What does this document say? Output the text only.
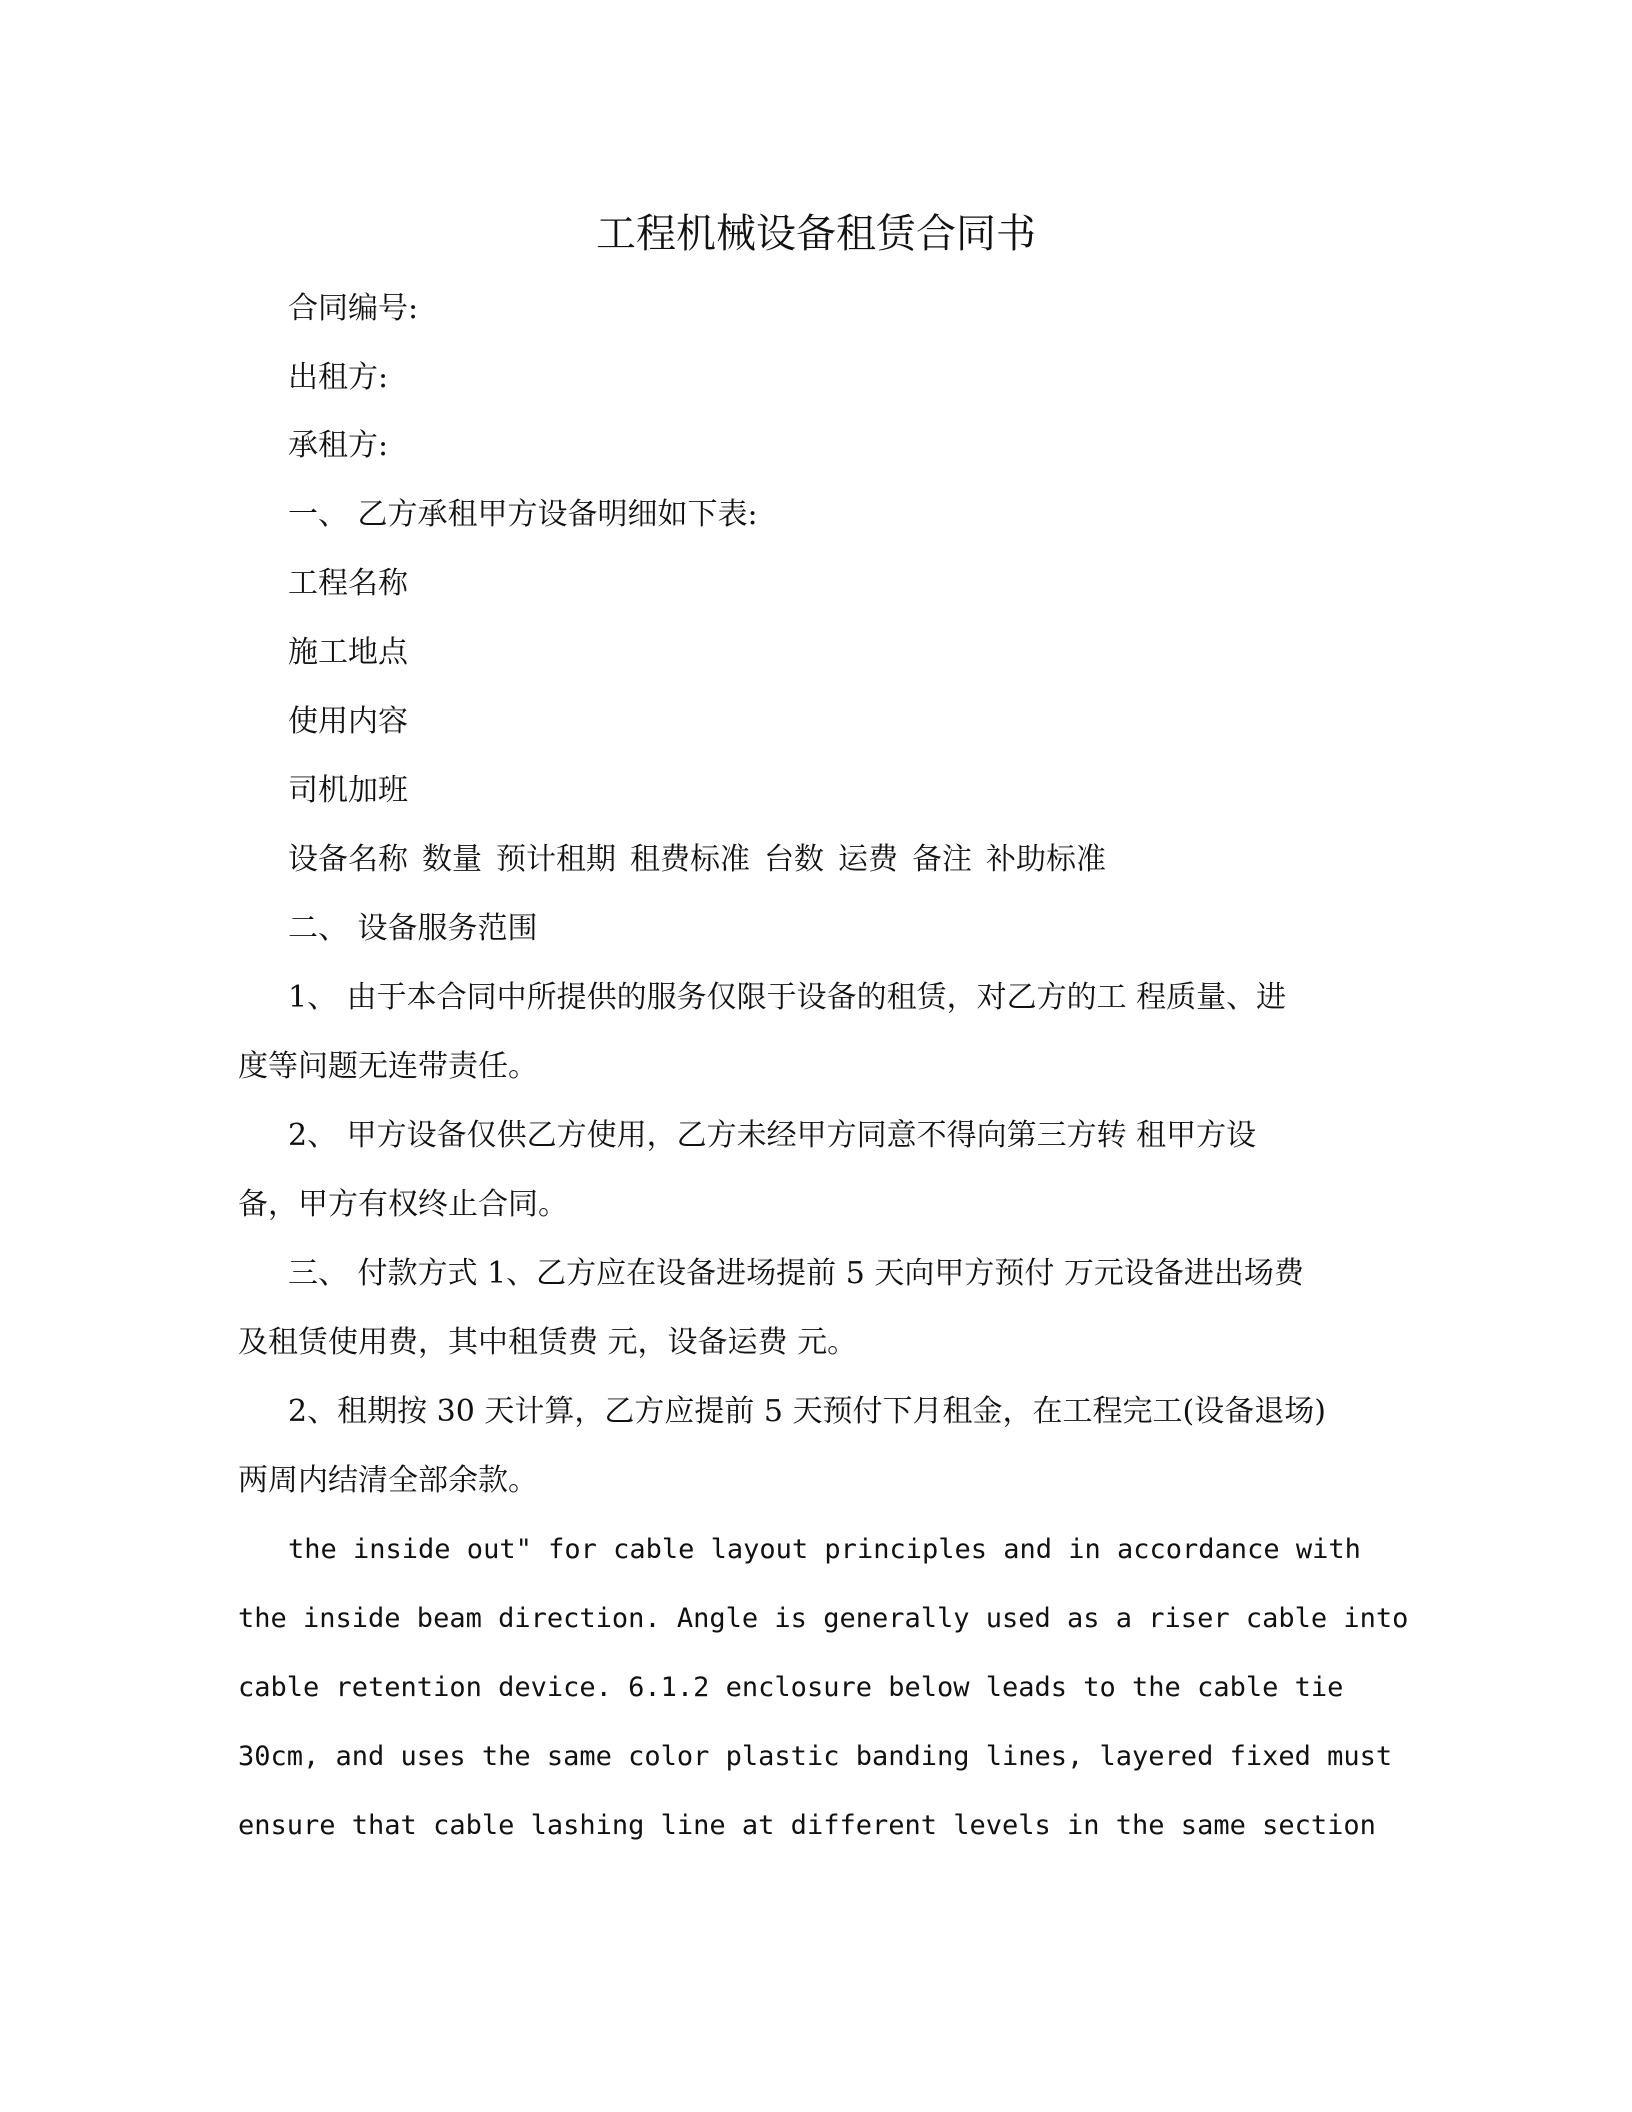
工程机械设备租赁合同书
合同编号:
出租方:
承租方:
一、 乙方承租甲方设备明细如下表:
工程名称
施工地点
使用内容
司机加班
设备名称 数量 预计租期 租费标准 台数 运费 备注 补助标准
二、 设备服务范围
1、 由于本合同中所提供的服务仅限于设备的租赁，对乙方的工 程质量、进
度等问题无连带责任。
2、 甲方设备仅供乙方使用，乙方未经甲方同意不得向第三方转 租甲方设
备，甲方有权终止合同。
三、 付款方式 1、乙方应在设备进场提前 5 天向甲方预付 万元设备进出场费
及租赁使用费，其中租赁费 元，设备运费 元。
2、租期按 30 天计算，乙方应提前 5 天预付下月租金，在工程完工(设备退场)
两周内结清全部余款。
the inside out" for cable layout principles and in accordance with
the inside beam direction. Angle is generally used as a riser cable into
cable retention device. 6.1.2 enclosure below leads to the cable tie
30cm, and uses the same color plastic banding lines, layered fixed must
ensure that cable lashing line at different levels in the same section
